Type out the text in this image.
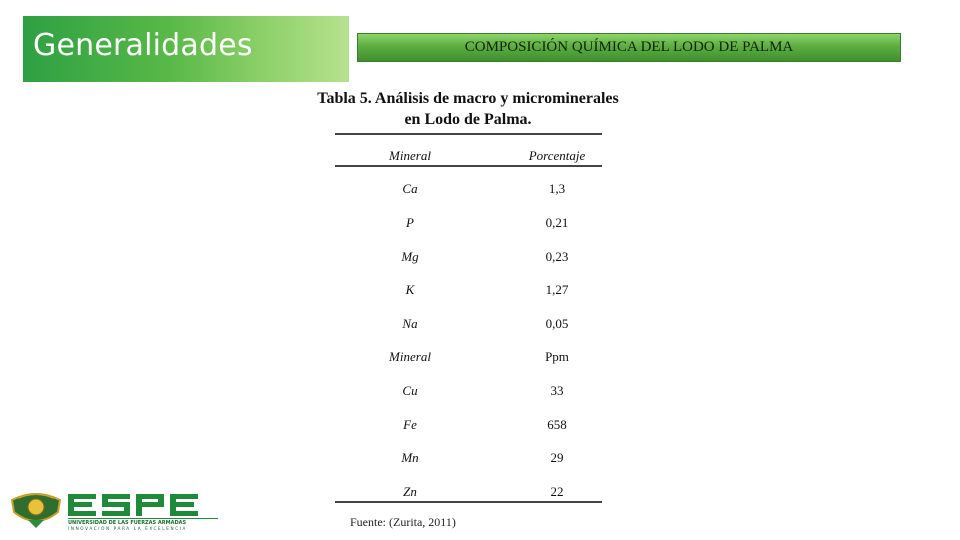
Generalidades	COMPOSICIÓN QUÍMICA DEL LODO DE PALMA
Tabla 5. Análisis de macro y microminerales
en Lodo de Palma.
Mineral	Porcentaje
Ca	1,3
P	0,21
Mg	0,23
K	1,27
Na	0,05
Mineral	Ppm
Cu	33
Fe	658
Mn	29
Zn	22
Fuente: (Zurita, 2011)
UNIVERSIDAD DE LAS FUERZAS ARMADAS
INNOVACIÓN PARA LA EXCELENCIA
